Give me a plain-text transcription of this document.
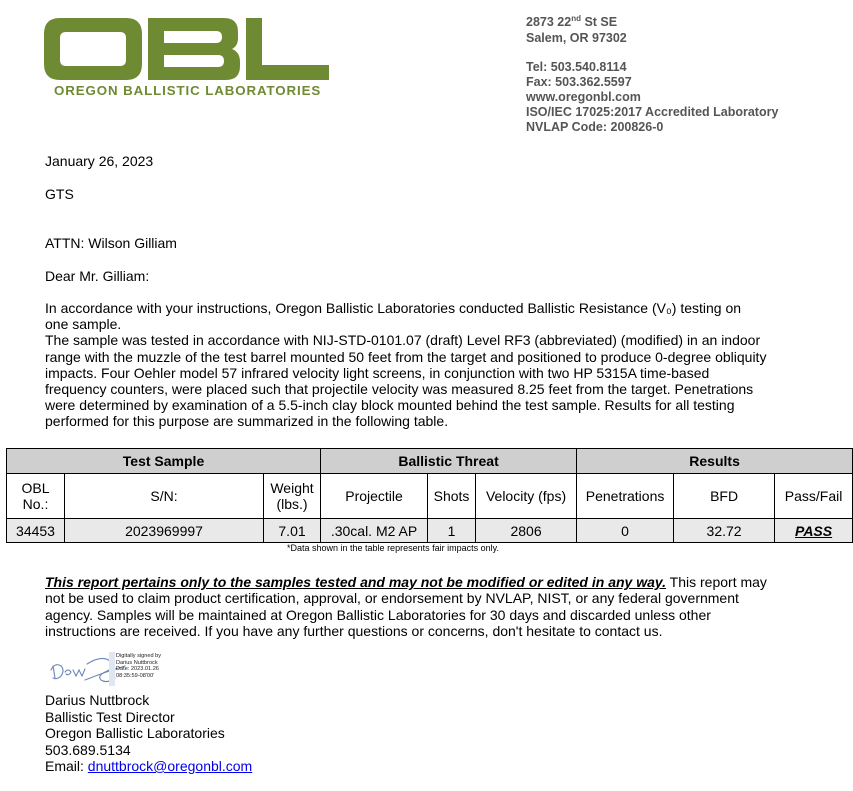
OREGON BALLISTIC LABORATORIES
2873 22nd St SE
Salem, OR 97302
Tel: 503.540.8114
Fax: 503.362.5597
www.oregonbl.com
ISO/IEC 17025:2017 Accredited Laboratory
NVLAP Code: 200826-0
January 26, 2023
GTS
ATTN: Wilson Gilliam
Dear Mr. Gilliam:

In accordance with your instructions, Oregon Ballistic Laboratories conducted Ballistic Resistance (V₀) testing on one sample.

The sample was tested in accordance with NIJ-STD-0101.07 (draft) Level RF3 (abbreviated) (modified) in an indoor range with the muzzle of the test barrel mounted 50 feet from the target and positioned to produce 0-degree obliquity impacts. Four Oehler model 57 infrared velocity light screens, in conjunction with two HP 5315A time-based frequency counters, were placed such that projectile velocity was measured 8.25 feet from the target. Penetrations were determined by examination of a 5.5-inch clay block mounted behind the test sample. Results for all testing performed for this purpose are summarized in the following table.

Test Sample			Ballistic Threat			Results		
OBL No.:	S/N:	Weight (lbs.)	Projectile	Shots	Velocity (fps)	Penetrations	BFD	Pass/Fail
34453	2023969997	7.01	.30cal. M2 AP	1	2806	0	32.72	PASS
*Data shown in the table represents fair impacts only.
This report pertains only to the samples tested and may not be modified or edited in any way. This report may not be used to claim product certification, approval, or endorsement by NVLAP, NIST, or any federal government agency. Samples will be maintained at Oregon Ballistic Laboratories for 30 days and discarded unless other instructions are received. If you have any further questions or concerns, don't hesitate to contact us.
Digitally signed by
Darius Nuttbrock
Date: 2023.01.26
08:35:59-08'00'
Darius Nuttbrock
Ballistic Test Director
Oregon Ballistic Laboratories
503.689.5134
Email: dnuttbrock@oregonbl.com
